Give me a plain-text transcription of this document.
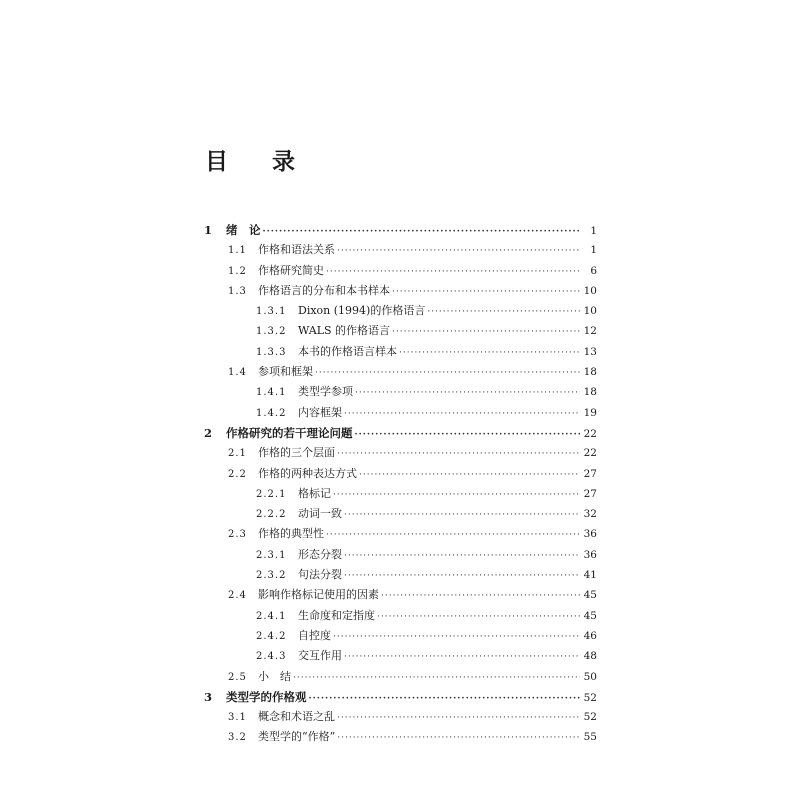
目 录
1	绪　论 ·····	1
1.1	作格和语法关系 ·····	1
1.2	作格研究简史 ·····	6
1.3	作格语言的分布和本书样本 ·····	10
1.3.1	Dixon (1994)的作格语言 ·····	10
1.3.2	WALS 的作格语言 ·····	12
1.3.3	本书的作格语言样本 ·····	13
1.4	参项和框架 ·····	18
1.4.1	类型学参项 ·····	18
1.4.2	内容框架 ·····	19
2	作格研究的若干理论问题 ·····	22
2.1	作格的三个层面 ·····	22
2.2	作格的两种表达方式 ·····	27
2.2.1	格标记 ·····	27
2.2.2	动词一致 ·····	32
2.3	作格的典型性 ·····	36
2.3.1	形态分裂 ·····	36
2.3.2	句法分裂 ·····	41
2.4	影响作格标记使用的因素 ·····	45
2.4.1	生命度和定指度 ·····	45
2.4.2	自控度 ·····	46
2.4.3	交互作用 ·····	48
2.5	小　结 ·····	50
3	类型学的作格观 ·····	52
3.1	概念和术语之乱 ·····	52
3.2	类型学的“作格” ·····	55
